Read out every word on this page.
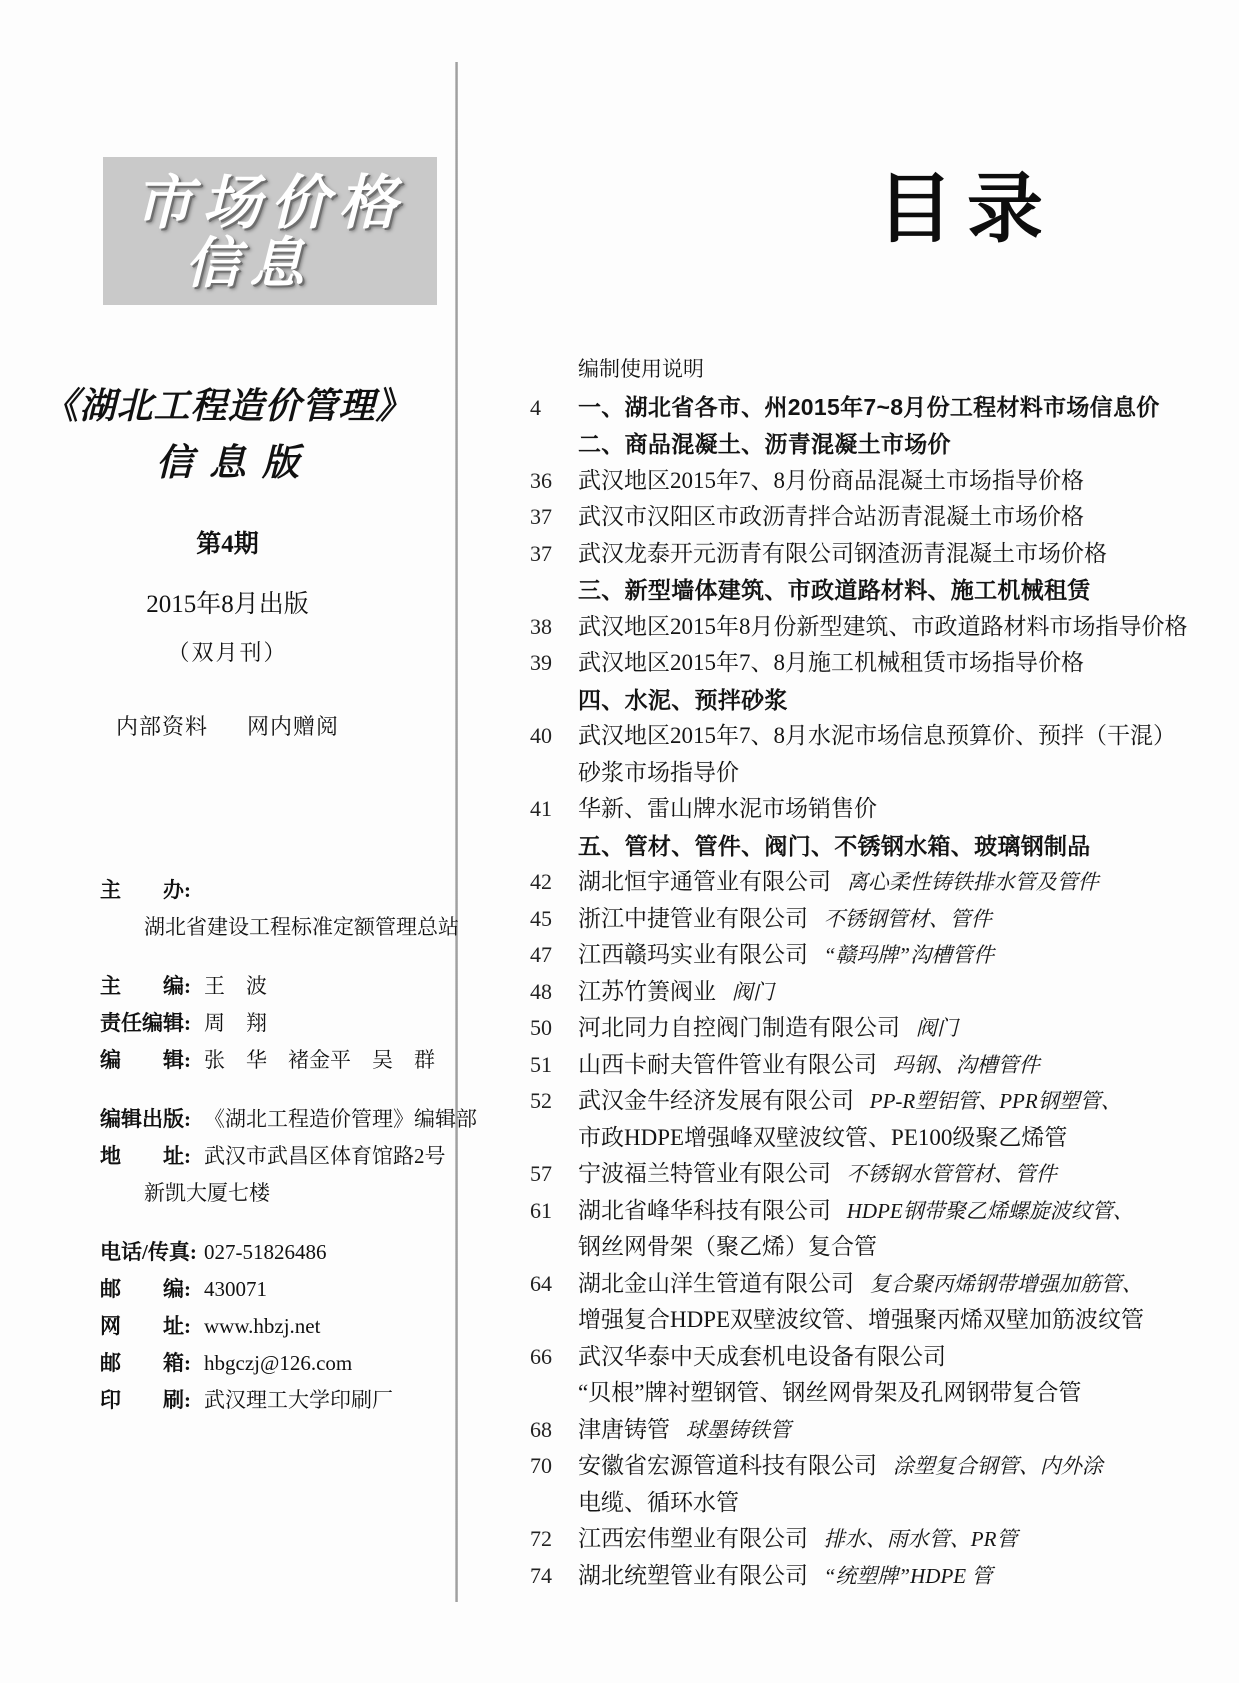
市场价格
信息
《湖北工程造价管理》
信息版
第4期
2015年8月出版
（双月刊）
内部资料 网内赠阅
主　　办:
湖北省建设工程标准定额管理总站
主　　编: 王　波
责任编辑: 周　翔
编　　辑: 张　华　褚金平　吴　群
编辑出版: 《湖北工程造价管理》编辑部
地　　址: 武汉市武昌区体育馆路2号
新凯大厦七楼
电话/传真: 027-51826486
邮　　编: 430071
网　　址: www.hbzj.net
邮　　箱: hbgczj@126.com
印　　刷: 武汉理工大学印刷厂
目录
编制使用说明
4	一、湖北省各市、州2015年7~8月份工程材料市场信息价
二、商品混凝土、沥青混凝土市场价
36	武汉地区2015年7、8月份商品混凝土市场指导价格
37	武汉市汉阳区市政沥青拌合站沥青混凝土市场价格
37	武汉龙泰开元沥青有限公司钢渣沥青混凝土市场价格
三、新型墙体建筑、市政道路材料、施工机械租赁
38	武汉地区2015年8月份新型建筑、市政道路材料市场指导价格
39	武汉地区2015年7、8月施工机械租赁市场指导价格
四、水泥、预拌砂浆
40	武汉地区2015年7、8月水泥市场信息预算价、预拌（干混）
砂浆市场指导价
41	华新、雷山牌水泥市场销售价
五、管材、管件、阀门、不锈钢水箱、玻璃钢制品
42	湖北恒宇通管业有限公司 离心柔性铸铁排水管及管件
45	浙江中捷管业有限公司 不锈钢管材、管件
47	江西赣玛实业有限公司 “赣玛牌”沟槽管件
48	江苏竹箦阀业 阀门
50	河北同力自控阀门制造有限公司 阀门
51	山西卡耐夫管件管业有限公司 玛钢、沟槽管件
52	武汉金牛经济发展有限公司 PP-R塑铝管、PPR钢塑管、
市政HDPE增强峰双壁波纹管、PE100级聚乙烯管
57	宁波福兰特管业有限公司 不锈钢水管管材、管件
61	湖北省峰华科技有限公司 HDPE钢带聚乙烯螺旋波纹管、
钢丝网骨架（聚乙烯）复合管
64	湖北金山洋生管道有限公司 复合聚丙烯钢带增强加筋管、
增强复合HDPE双壁波纹管、增强聚丙烯双壁加筋波纹管
66	武汉华泰中天成套机电设备有限公司
“贝根”牌衬塑钢管、钢丝网骨架及孔网钢带复合管
68	津唐铸管 球墨铸铁管
70	安徽省宏源管道科技有限公司 涂塑复合钢管、内外涂
电缆、循环水管
72	江西宏伟塑业有限公司 排水、雨水管、PR管
74	湖北统塑管业有限公司 “统塑牌”HDPE 管
